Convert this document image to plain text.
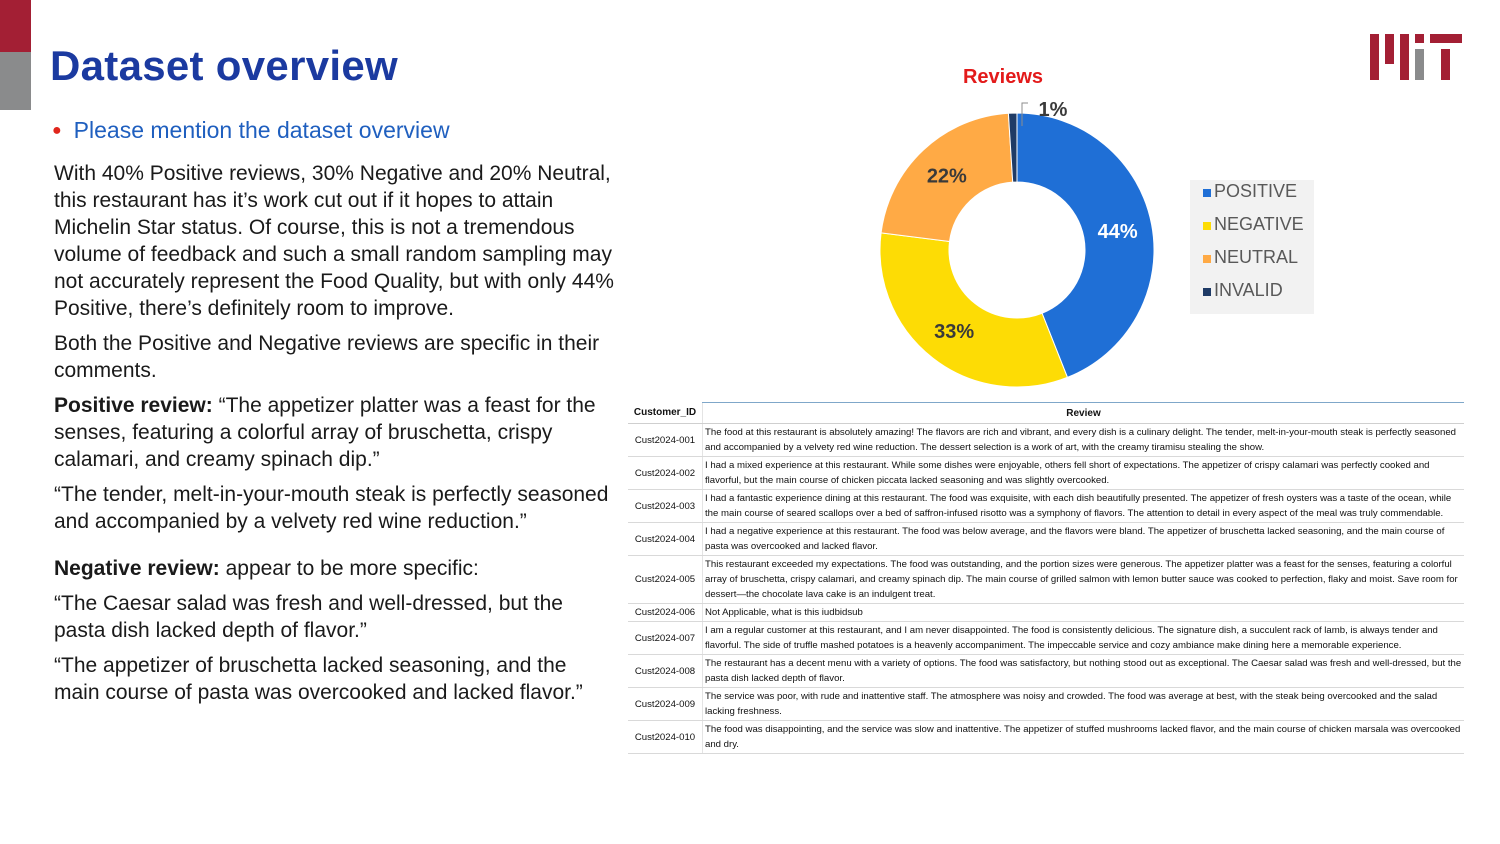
Dataset overview
● Please mention the dataset overview

With 40% Positive reviews, 30% Negative and 20% Neutral, this restaurant has it’s work cut out if it hopes to attain Michelin Star status. Of course, this is not a tremendous volume of feedback and such a small random sampling may not accurately represent the Food Quality, but with only 44% Positive, there’s definitely room to improve.

Both the Positive and Negative reviews are specific in their comments.

Positive review: “The appetizer platter was a feast for the senses, featuring a colorful array of bruschetta, crispy calamari, and creamy spinach dip.”

“The tender, melt-in-your-mouth steak is perfectly seasoned and accompanied by a velvety red wine reduction.”

Negative review: appear to be more specific:

“The Caesar salad was fresh and well-dressed, but the pasta dish lacked depth of flavor.”

“The appetizer of bruschetta lacked seasoning, and the main course of pasta was overcooked and lacked flavor.”

Reviews
44%
33%
22%
1%
POSITIVE
NEGATIVE
NEUTRAL
INVALID
Customer_ID	Review
Cust2024-001	The food at this restaurant is absolutely amazing! The flavors are rich and vibrant, and every dish is a culinary delight. The tender, melt-in-your-mouth steak is perfectly seasoned and accompanied by a velvety red wine reduction. The dessert selection is a work of art, with the creamy tiramisu stealing the show.
Cust2024-002	I had a mixed experience at this restaurant. While some dishes were enjoyable, others fell short of expectations. The appetizer of crispy calamari was perfectly cooked and flavorful, but the main course of chicken piccata lacked seasoning and was slightly overcooked.
Cust2024-003	I had a fantastic experience dining at this restaurant. The food was exquisite, with each dish beautifully presented. The appetizer of fresh oysters was a taste of the ocean, while the main course of seared scallops over a bed of saffron-infused risotto was a symphony of flavors. The attention to detail in every aspect of the meal was truly commendable.
Cust2024-004	I had a negative experience at this restaurant. The food was below average, and the flavors were bland. The appetizer of bruschetta lacked seasoning, and the main course of pasta was overcooked and lacked flavor.
Cust2024-005	This restaurant exceeded my expectations. The food was outstanding, and the portion sizes were generous. The appetizer platter was a feast for the senses, featuring a colorful array of bruschetta, crispy calamari, and creamy spinach dip. The main course of grilled salmon with lemon butter sauce was cooked to perfection, flaky and moist. Save room for dessert—the chocolate lava cake is an indulgent treat.
Cust2024-006	Not Applicable, what is this iudbidsub
Cust2024-007	I am a regular customer at this restaurant, and I am never disappointed. The food is consistently delicious. The signature dish, a succulent rack of lamb, is always tender and flavorful. The side of truffle mashed potatoes is a heavenly accompaniment. The impeccable service and cozy ambiance make dining here a memorable experience.
Cust2024-008	The restaurant has a decent menu with a variety of options. The food was satisfactory, but nothing stood out as exceptional. The Caesar salad was fresh and well-dressed, but the pasta dish lacked depth of flavor.
Cust2024-009	The service was poor, with rude and inattentive staff. The atmosphere was noisy and crowded. The food was average at best, with the steak being overcooked and the salad lacking freshness.
Cust2024-010	The food was disappointing, and the service was slow and inattentive. The appetizer of stuffed mushrooms lacked flavor, and the main course of chicken marsala was overcooked and dry.
